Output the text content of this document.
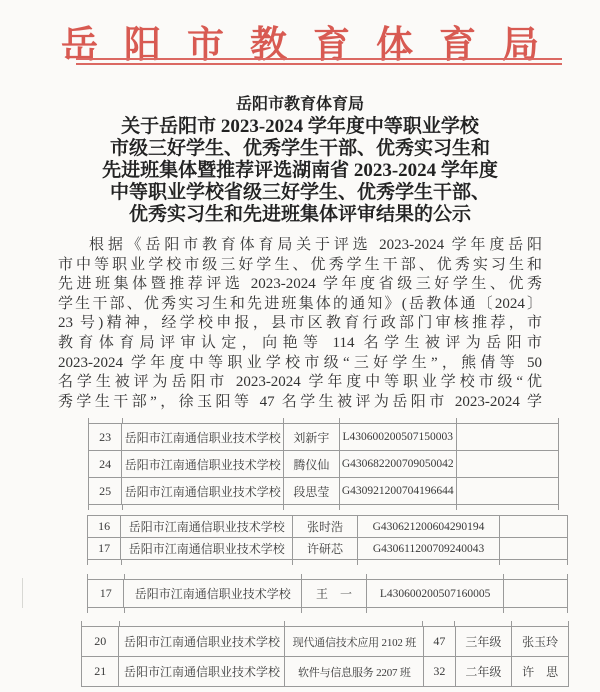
岳阳市教育体育局
岳阳市教育体育局
关于岳阳市 2023-2024 学年度中等职业学校
市级三好学生、优秀学生干部、优秀实习生和
先进班集体暨推荐评选湖南省 2023-2024 学年度
中等职业学校省级三好学生、优秀学生干部、
优秀实习生和先进班集体评审结果的公示
根据《岳阳市教育体育局关于评选 2023-2024 学年度岳阳
市中等职业学校市级三好学生、优秀学生干部、优秀实习生和
先进班集体暨推荐评选 2023-2024 学年度省级三好学生、优秀
学生干部、优秀实习生和先进班集体的通知》(岳教体通〔2024〕
23 号)精神，经学校申报，县市区教育行政部门审核推荐，市
教育体育局评审认定，向艳等 114 名学生被评为岳阳市
2023-2024 学年度中等职业学校市级“三好学生”，熊倩等 50
名学生被评为岳阳市 2023-2024 学年度中等职业学校市级“优
秀学生干部”，徐玉阳等 47 名学生被评为岳阳市 2023-2024 学
23	岳阳市江南通信职业技术学校	刘新宇	L430600200507150003	
24	岳阳市江南通信职业技术学校	腾仪仙	G430682200709050042	
25	岳阳市江南通信职业技术学校	段思莹	G430921200704196644	
16	岳阳市江南通信职业技术学校	张时浩	G430621200604290194	
17	岳阳市江南通信职业技术学校	许研芯	G430611200709240043	
17	岳阳市江南通信职业技术学校	王　一	L430600200507160005	
20	岳阳市江南通信职业技术学校	现代通信技术应用 2102 班	47	三年级	张玉玲
21	岳阳市江南通信职业技术学校	软件与信息服务 2207 班	32	二年级	许　思
